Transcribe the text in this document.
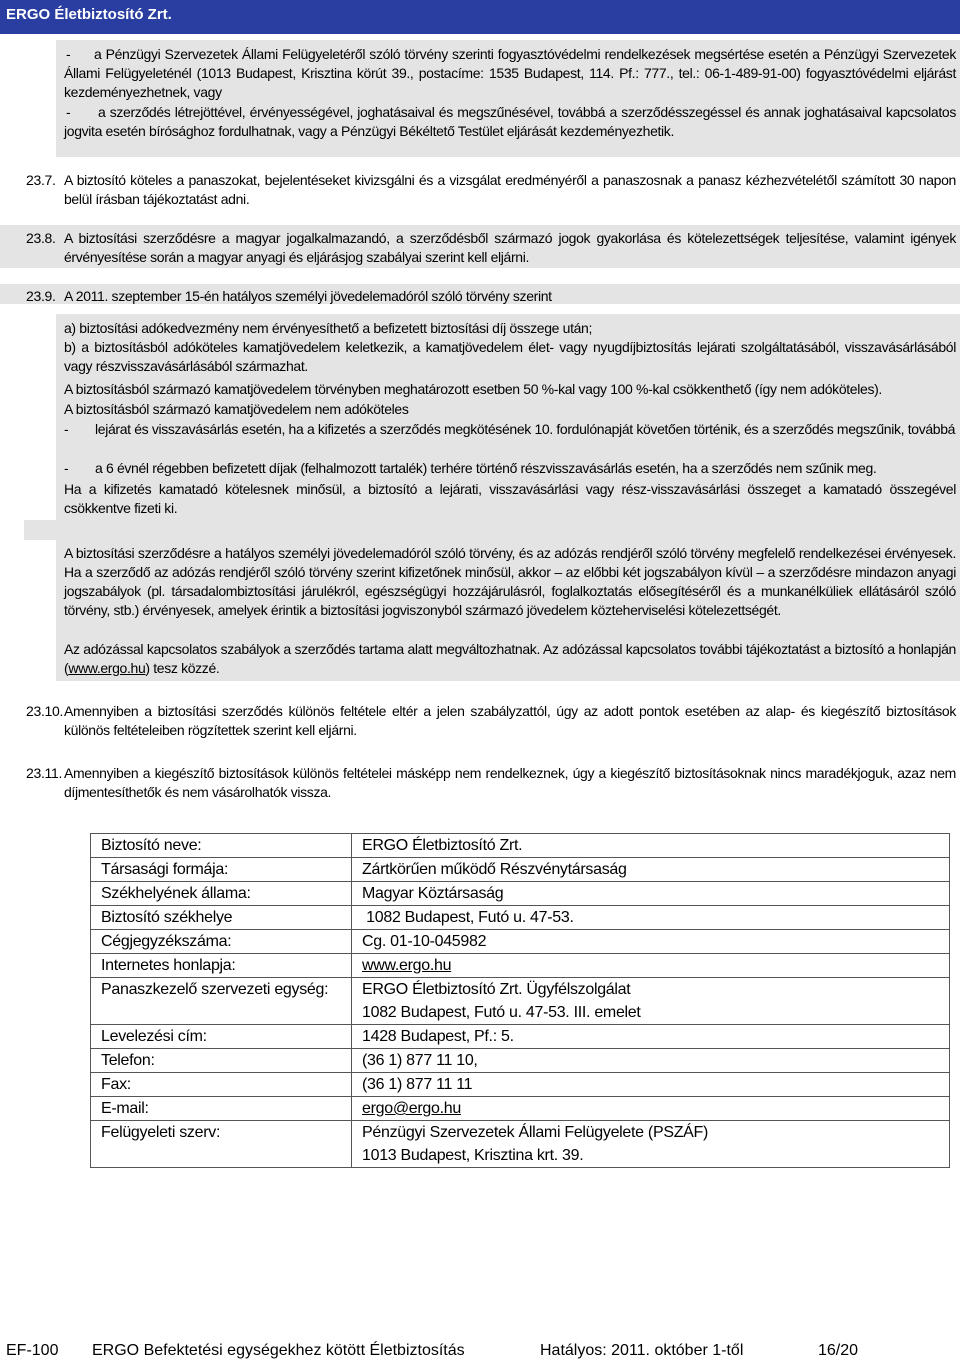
ERGO Életbiztosító Zrt.
-	a Pénzügyi Szervezetek Állami Felügyeletéről szóló törvény szerinti fogyasztóvédelmi rendelkezések megsértése esetén a Pénzügyi Szervezetek Állami Felügyeleténél (1013 Budapest, Krisztina körút 39., postacíme: 1535 Budapest, 114. Pf.: 777., tel.: 06-1-489-91-00) fogyasztóvédelmi eljárást kezdeményezhetnek, vagy
-	a szerződés létrejöttével, érvényességével, joghatásaival és megszűnésével, továbbá a szerződésszegéssel és annak joghatásaival kapcsolatos jogvita esetén bírósághoz fordulhatnak, vagy a Pénzügyi Békéltető Testület eljárását kezdeményezhetik.
23.7. A biztosító köteles a panaszokat, bejelentéseket kivizsgálni és a vizsgálat eredményéről a panaszosnak a panasz kézhezvételétől számított 30 napon belül írásban tájékoztatást adni.
23.8. A biztosítási szerződésre a magyar jogalkalmazandó, a szerződésből származó jogok gyakorlása és kötelezettségek teljesítése, valamint igények érvényesítése során a magyar anyagi és eljárásjog szabályai szerint kell eljárni.
23.9. A 2011. szeptember 15-én hatályos személyi jövedelemadóról szóló törvény szerint
a) biztosítási adókedvezmény nem érvényesíthető a befizetett biztosítási díj összege után;
b) a biztosításból adóköteles kamatjövedelem keletkezik, a kamatjövedelem élet- vagy nyugdíjbiztosítás lejárati szolgáltatásából, visszavásárlásából vagy részvisszavásárlásából származhat.
A biztosításból származó kamatjövedelem törvényben meghatározott esetben 50 %-kal vagy 100 %-kal csökkenthető (így nem adóköteles).
A biztosításból származó kamatjövedelem nem adóköteles
- lejárat és visszavásárlás esetén, ha a kifizetés a szerződés megkötésének 10. fordulónapját követően történik, és a szerződés megszűnik, továbbá
- a 6 évnél régebben befizetett díjak (felhalmozott tartalék) terhére történő részvisszavásárlás esetén, ha a szerződés nem szűnik meg.
Ha a kifizetés kamatadó kötelesnek minősül, a biztosító a lejárati, visszavásárlási vagy rész-visszavásárlási összeget a kamatadó összegével csökkentve fizeti ki.
A biztosítási szerződésre a hatályos személyi jövedelemadóról szóló törvény, és az adózás rendjéről szóló törvény megfelelő rendelkezései érvényesek. Ha a szerződő az adózás rendjéről szóló törvény szerint kifizetőnek minősül, akkor – az előbbi két jogszabályon kívül – a szerződésre mindazon anyagi jogszabályok (pl. társadalombiztosítási járulékról, egészségügyi hozzájárulásról, foglalkoztatás elősegítéséről és a munkanélküliek ellátásáról szóló törvény, stb.) érvényesek, amelyek érintik a biztosítási jogviszonyból származó jövedelem közteherviselési kötelezettségét.
Az adózással kapcsolatos szabályok a szerződés tartama alatt megváltozhatnak. Az adózással kapcsolatos további tájékoztatást a biztosító a honlapján (www.ergo.hu) tesz közzé.
23.10. Amennyiben a biztosítási szerződés különös feltétele eltér a jelen szabályzattól, úgy az adott pontok esetében az alap- és kiegészítő biztosítások különös feltételeiben rögzítettek szerint kell eljárni.
23.11. Amennyiben a kiegészítő biztosítások különös feltételei másképp nem rendelkeznek, úgy a kiegészítő biztosításoknak nincs maradékjoguk, azaz nem díjmentesíthetők és nem vásárolhatók vissza.
Biztosító neve:	ERGO Életbiztosító Zrt.
Társasági formája:	Zártkörűen működő Részvénytársaság
Székhelyének állama:	Magyar Köztársaság
Biztosító székhelye	1082 Budapest, Futó u. 47-53.
Cégjegyzékszáma:	Cg. 01-10-045982
Internetes honlapja:	www.ergo.hu
Panaszkezelő szervezeti egység:	ERGO Életbiztosító Zrt. Ügyfélszolgálat
1082 Budapest, Futó u. 47-53. III. emelet

Levelezési cím:	1428 Budapest, Pf.: 5.
Telefon:	(36 1) 877 11 10,
Fax:	(36 1) 877 11 11
E-mail:	ergo@ergo.hu
Felügyeleti szerv:	Pénzügyi Szervezetek Állami Felügyelete (PSZÁF)
1013 Budapest, Krisztina krt. 39.
EF-100 ERGO Befektetési egységekhez kötött Életbiztosítás	Hatályos: 2011. október 1-től	16/20
